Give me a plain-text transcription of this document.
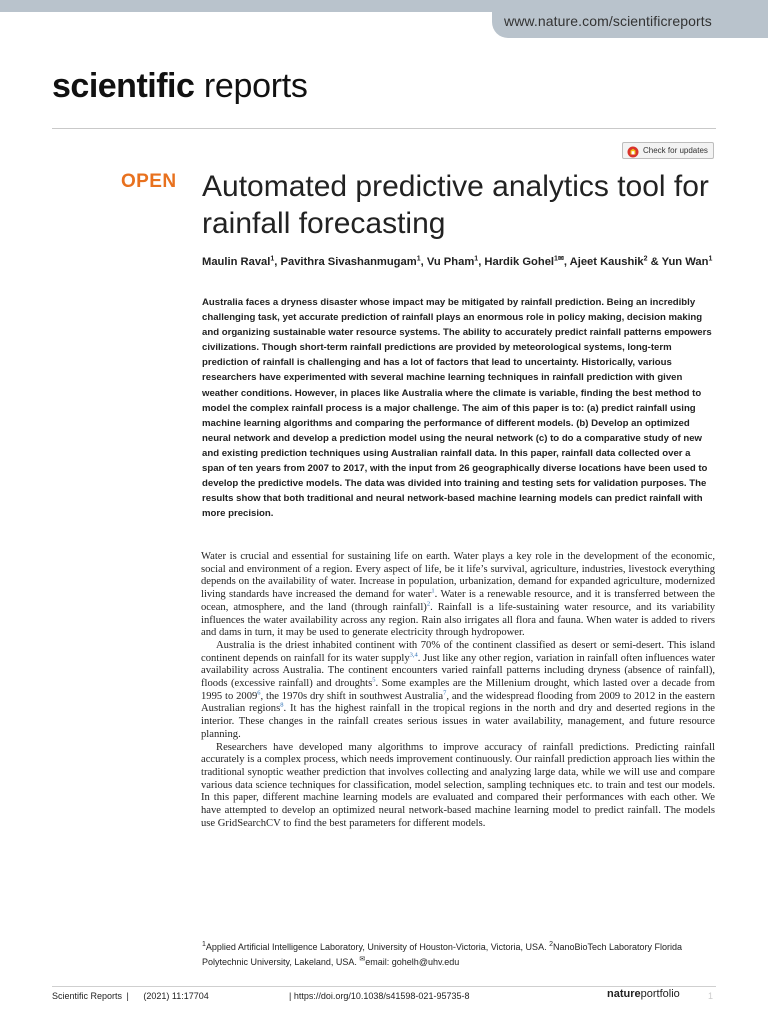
www.nature.com/scientificreports
scientific reports
Check for updates
OPEN Automated predictive analytics tool for rainfall forecasting
Maulin Raval$^1$, Pavithra Sivashanmugam$^1$, Vu Pham$^1$, Hardik Gohel$^{1✉}$, Ajeet Kaushik$^2$ & Yun Wan$^1$

Australia faces a dryness disaster whose impact may be mitigated by rainfall prediction. Being an incredibly challenging task, yet accurate prediction of rainfall plays an enormous role in policy making, decision making and organizing sustainable water resource systems. The ability to accurately predict rainfall patterns empowers civilizations. Though short-term rainfall predictions are provided by meteorological systems, long-term prediction of rainfall is challenging and has a lot of factors that lead to uncertainty. Historically, various researchers have experimented with several machine learning techniques in rainfall prediction with given weather conditions. However, in places like Australia where the climate is variable, finding the best method to model the complex rainfall process is a major challenge. The aim of this paper is to: (a) predict rainfall using machine learning algorithms and comparing the performance of different models. (b) Develop an optimized neural network and develop a prediction model using the neural network (c) to do a comparative study of new and existing prediction techniques using Australian rainfall data. In this paper, rainfall data collected over a span of ten years from 2007 to 2017, with the input from 26 geographically diverse locations have been used to develop the predictive models. The data was divided into training and testing sets for validation purposes. The results show that both traditional and neural network-based machine learning models can predict rainfall with more precision.

Water is crucial and essential for sustaining life on earth. Water plays a key role in the development of the economic, social and environment of a region. Every aspect of life, be it life’s survival, agriculture, industries, livestock everything depends on the availability of water. Increase in population, urbanization, demand for expanded agriculture, modernized living standards have increased the demand for water$^1$. Water is a renewable resource, and it is transferred between the ocean, atmosphere, and the land (through rainfall)$^2$. Rainfall is a life-sustaining water resource, and its variability influences the water availability across any region. Rain also irrigates all flora and fauna. When water is added to rivers and dams in turn, it may be used to generate electricity through hydropower.

Australia is the driest inhabited continent with 70% of the continent classified as desert or semi-desert. This island continent depends on rainfall for its water supply$^{3,4}$. Just like any other region, variation in rainfall often influences water availability across Australia. The continent encounters varied rainfall patterns including dryness (absence of rainfall), floods (excessive rainfall) and droughts$^5$. Some examples are the Millenium drought, which lasted over a decade from 1995 to 2009$^6$, the 1970s dry shift in southwest Australia$^7$, and the widespread flooding from 2009 to 2012 in the eastern Australian regions$^8$. It has the highest rainfall in the tropical regions in the north and dry and deserted regions in the interior. These changes in the rainfall creates serious issues in water availability, management, and future resource planning.

Researchers have developed many algorithms to improve accuracy of rainfall predictions. Predicting rainfall accurately is a complex process, which needs improvement continuously. Our rainfall prediction approach lies within the traditional synoptic weather prediction that involves collecting and analyzing large data, while we will use and compare various data science techniques for classification, model selection, sampling techniques etc. to train and test our models. In this paper, different machine learning models are evaluated and compared their performances with each other. We have attempted to develop an optimized neural network-based machine learning model to predict rainfall. The models use GridSearchCV to find the best parameters for different models.

$^1$Applied Artificial Intelligence Laboratory, University of Houston-Victoria, Victoria, USA. $^2$NanoBioTech Laboratory Florida Polytechnic University, Lakeland, USA. ✉email: gohelh@uhv.edu
Scientific Reports | (2021) 11:17704	| https://doi.org/10.1038/s41598-021-95735-8	natureportfolio	1
